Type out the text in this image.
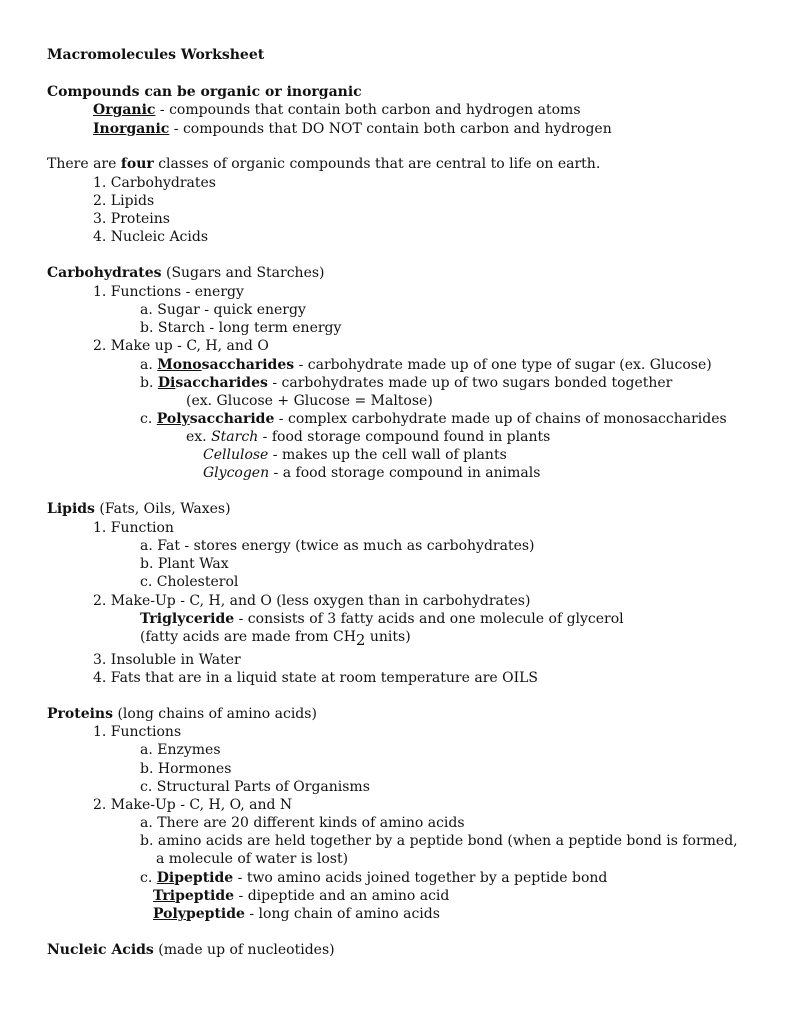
Macromolecules Worksheet
Compounds can be organic or inorganic
Organic - compounds that contain both carbon and hydrogen atoms
Inorganic - compounds that DO NOT contain both carbon and hydrogen
There are four classes of organic compounds that are central to life on earth.
1. Carbohydrates
2. Lipids
3. Proteins
4. Nucleic Acids
Carbohydrates (Sugars and Starches)
1. Functions - energy
a. Sugar - quick energy
b. Starch - long term energy
2. Make up - C, H, and O
a. Monosaccharides - carbohydrate made up of one type of sugar (ex. Glucose)
b. Disaccharides - carbohydrates made up of two sugars bonded together
(ex. Glucose + Glucose = Maltose)
c. Polysaccharide - complex carbohydrate made up of chains of monosaccharides
ex. Starch - food storage compound found in plants
Cellulose - makes up the cell wall of plants
Glycogen - a food storage compound in animals
Lipids (Fats, Oils, Waxes)
1. Function
a. Fat - stores energy (twice as much as carbohydrates)
b. Plant Wax
c. Cholesterol
2. Make-Up - C, H, and O (less oxygen than in carbohydrates)
Triglyceride - consists of 3 fatty acids and one molecule of glycerol
(fatty acids are made from $CH_2$ units)
3. Insoluble in Water
4. Fats that are in a liquid state at room temperature are OILS
Proteins (long chains of amino acids)
1. Functions
a. Enzymes
b. Hormones
c. Structural Parts of Organisms
2. Make-Up - C, H, O, and N
a. There are 20 different kinds of amino acids
b. amino acids are held together by a peptide bond (when a peptide bond is formed,
a molecule of water is lost)
c. Dipeptide - two amino acids joined together by a peptide bond
Tripeptide - dipeptide and an amino acid
Polypeptide - long chain of amino acids
Nucleic Acids (made up of nucleotides)
